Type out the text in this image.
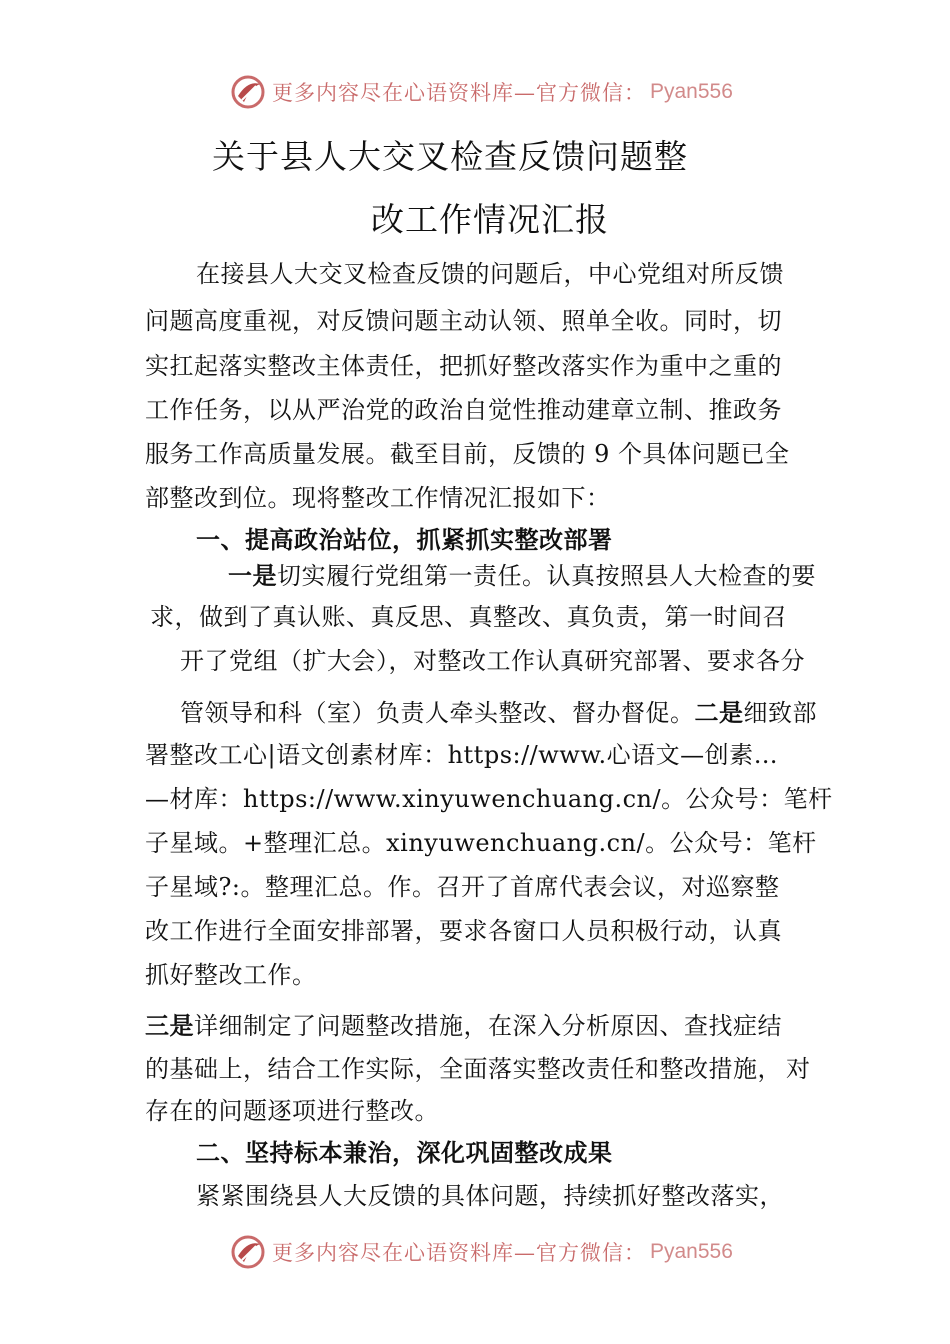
更多内容尽在心语资料库—官方微信： Pyan556
关于县人大交叉检查反馈问题整
改工作情况汇报
在接县人大交叉检查反馈的问题后，中心党组对所反馈
问题高度重视，对反馈问题主动认领、照单全收。同时，切
实扛起落实整改主体责任，把抓好整改落实作为重中之重的
工作任务，以从严治党的政治自觉性推动建章立制、推政务
服务工作高质量发展。截至目前，反馈的 9 个具体问题已全
部整改到位。现将整改工作情况汇报如下：
一、提高政治站位，抓紧抓实整改部署
一是切实履行党组第一责任。认真按照县人大检查的要
求，做到了真认账、真反思、真整改、真负责，第一时间召
开了党组（扩大会），对整改工作认真研究部署、要求各分
管领导和科（室）负责人牵头整改、督办督促。二是细致部
署整改工心|语文创素材库：https://www.心语文—创素…
—材库：https://www.xinyuwenchuang.cn/。公众号：笔杆
子星域。+整理汇总。xinyuwenchuang.cn/。公众号：笔杆
子星域?:。整理汇总。作。召开了首席代表会议，对巡察整
改工作进行全面安排部署，要求各窗口人员积极行动，认真
抓好整改工作。
三是详细制定了问题整改措施，在深入分析原因、查找症结
的基础上，结合工作实际，全面落实整改责任和整改措施， 对
存在的问题逐项进行整改。
二、坚持标本兼治，深化巩固整改成果
紧紧围绕县人大反馈的具体问题，持续抓好整改落实，
更多内容尽在心语资料库—官方微信： Pyan556
